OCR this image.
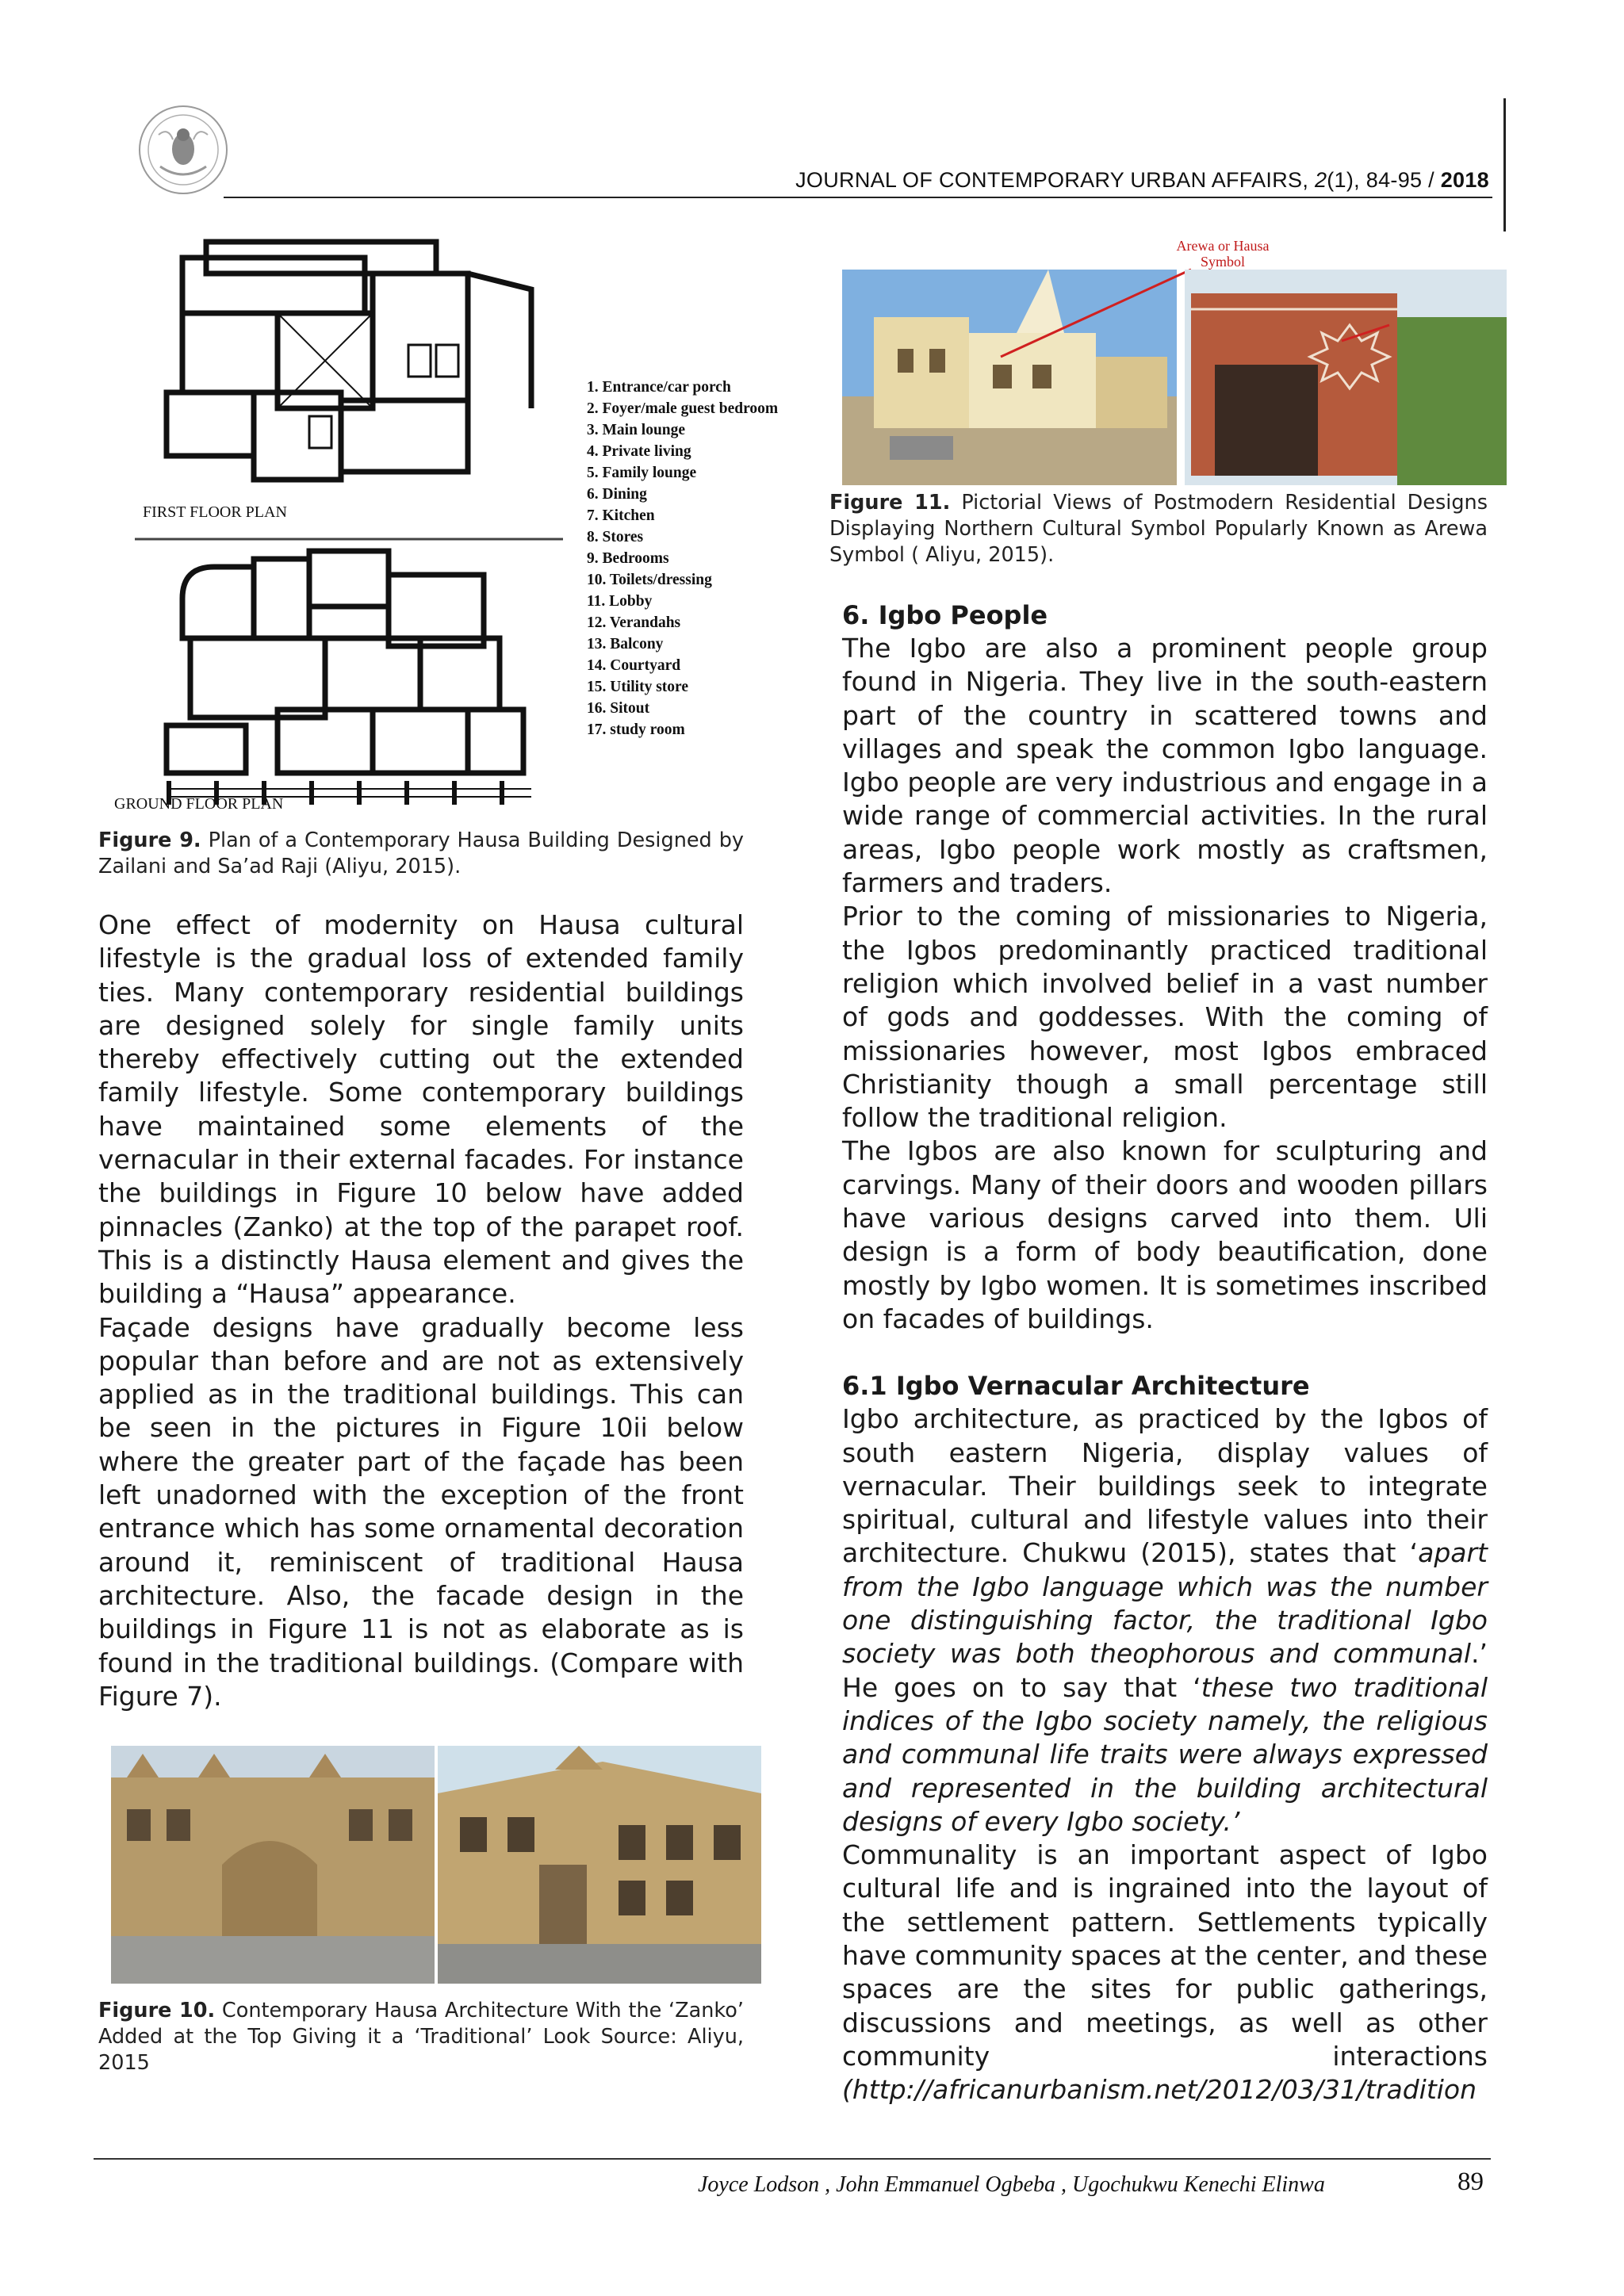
JOURNAL OF CONTEMPORARY URBAN AFFAIRS, 2(1), 84-95 / 2018
FIRST FLOOR PLAN
GROUND FLOOR PLAN
1. Entrance/car porch
2. Foyer/male guest bedroom
3. Main lounge
4. Private living
5. Family lounge
6. Dining
7. Kitchen
8. Stores
9. Bedrooms
10. Toilets/dressing
11. Lobby
12. Verandahs
13. Balcony
14. Courtyard
15. Utility store
16. Sitout
17. study room
Figure 9. Plan of a Contemporary Hausa Building Designed by Zailani and Sa’ad Raji (Aliyu, 2015).

One effect of modernity on Hausa cultural lifestyle is the gradual loss of extended family ties. Many contemporary residential buildings are designed solely for single family units thereby effectively cutting out the extended family lifestyle. Some contemporary buildings have maintained some elements of the vernacular in their external facades. For instance the buildings in Figure 10 below have added pinnacles (Zanko) at the top of the parapet roof. This is a distinctly Hausa element and gives the building a “Hausa” appearance.

Façade designs have gradually become less popular than before and are not as extensively applied as in the traditional buildings. This can be seen in the pictures in Figure 10ii below where the greater part of the façade has been left unadorned with the exception of the front entrance which has some ornamental decoration around it, reminiscent of traditional Hausa architecture. Also, the facade design in the buildings in Figure 11 is not as elaborate as is found in the traditional buildings. (Compare with Figure 7).

Figure 10. Contemporary Hausa Architecture With the ‘Zanko’ Added at the Top Giving it a ‘Traditional’ Look Source: Aliyu, 2015
Arewa or Hausa Symbol
Figure 11. Pictorial Views of Postmodern Residential Designs Displaying Northern Cultural Symbol Popularly Known as Arewa Symbol ( Aliyu, 2015).

6. Igbo People

The Igbo are also a prominent people group found in Nigeria. They live in the south-eastern part of the country in scattered towns and villages and speak the common Igbo language. Igbo people are very industrious and engage in a wide range of commercial activities. In the rural areas, Igbo people work mostly as craftsmen, farmers and traders.

Prior to the coming of missionaries to Nigeria, the Igbos predominantly practiced traditional religion which involved belief in a vast number of gods and goddesses. With the coming of missionaries however, most Igbos embraced Christianity though a small percentage still follow the traditional religion.

The Igbos are also known for sculpturing and carvings. Many of their doors and wooden pillars have various designs carved into them. Uli design is a form of body beautification, done mostly by Igbo women. It is sometimes inscribed on facades of buildings.

6.1 Igbo Vernacular Architecture

Igbo architecture, as practiced by the Igbos of south eastern Nigeria, display values of vernacular. Their buildings seek to integrate spiritual, cultural and lifestyle values into their architecture. Chukwu (2015), states that ‘apart from the Igbo language which was the number one distinguishing factor, the traditional Igbo society was both theophorous and communal.’ He goes on to say that ‘these two traditional indices of the Igbo society namely, the religious and communal life traits were always expressed and represented in the building architectural designs of every Igbo society.’

Communality is an important aspect of Igbo cultural life and is ingrained into the layout of the settlement pattern. Settlements typically have community spaces at the center, and these spaces are the sites for public gatherings, discussions and meetings, as well as other community interactions (http://africanurbanism.net/2012/03/31/tradition

Joyce Lodson , John Emmanuel Ogbeba , Ugochukwu Kenechi Elinwa	89
